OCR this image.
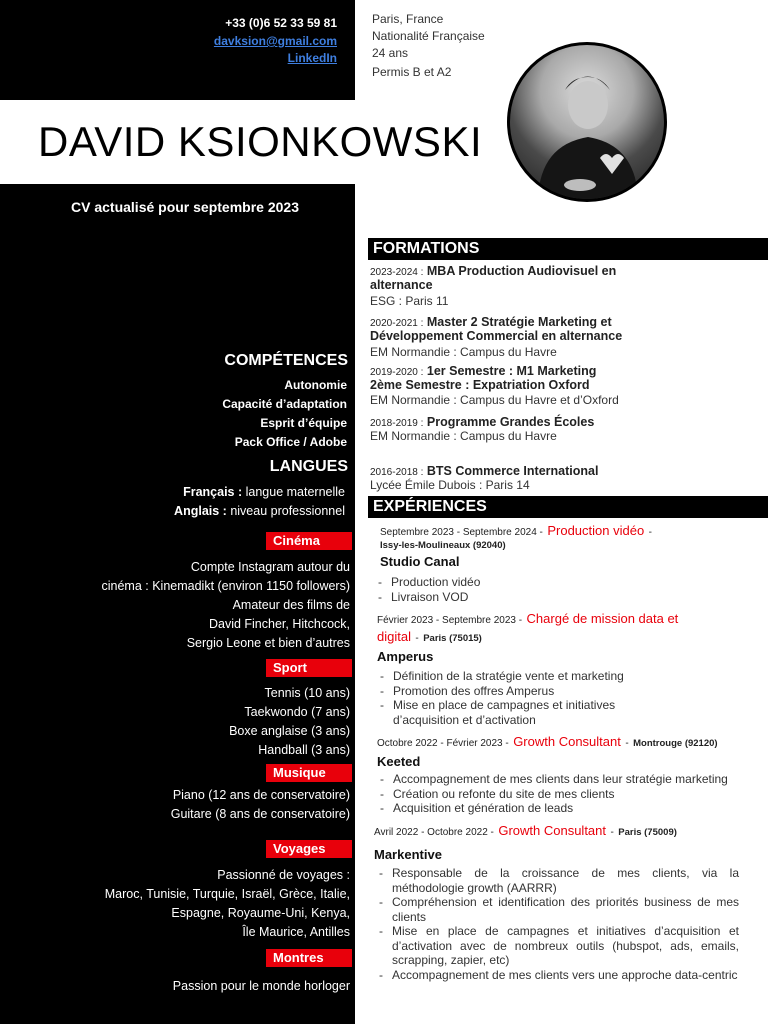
+33 (0)6 52 33 59 81
davksion@gmail.com
LinkedIn
Paris, France
Nationalité Française
24 ans
Permis B et A2
DAVID KSIONKOWSKI
CV actualisé pour septembre 2023
COMPÉTENCES
Autonomie
Capacité d’adaptation
Esprit d’équipe
Pack Office / Adobe
LANGUES
Français : langue maternelle
Anglais : niveau professionnel
Cinéma
Compte Instagram autour du
cinéma : Kinemadikt (environ 1150 followers)
Amateur des films de
David Fincher, Hitchcock,
Sergio Leone et bien d’autres
Sport
Tennis (10 ans)
Taekwondo (7 ans)
Boxe anglaise (3 ans)
Handball (3 ans)
Musique
Piano (12 ans de conservatoire)
Guitare (8 ans de conservatoire)
Voyages
Passionné de voyages :
Maroc, Tunisie, Turquie, Israël, Grèce, Italie,
Espagne, Royaume-Uni, Kenya,
Île Maurice, Antilles
Montres
Passion pour le monde horloger
FORMATIONS
2023-2024 : MBA Production Audiovisuel en alternance
ESG : Paris 11
2020-2021 : Master 2 Stratégie Marketing et Développement Commercial en alternance
EM Normandie : Campus du Havre
2019-2020 : 1er Semestre : M1 Marketing
2ème Semestre : Expatriation Oxford
EM Normandie : Campus du Havre et d’Oxford
2018-2019 : Programme Grandes Écoles
EM Normandie : Campus du Havre
2016-2018 : BTS Commerce International
Lycée Émile Dubois : Paris 14
EXPÉRIENCES
Septembre 2023 - Septembre 2024 - Production vidéo -
Issy-les-Moulineaux (92040)
Studio Canal
- Production vidéo
- Livraison VOD
Février 2023 - Septembre 2023 - Chargé de mission data et digital - Paris (75015)
Amperus
- Définition de la stratégie vente et marketing
- Promotion des offres Amperus
- Mise en place de campagnes et initiatives d’acquisition et d’activation
Octobre 2022 - Février 2023 - Growth Consultant - Montrouge (92120)
Keeted
- Accompagnement de mes clients dans leur stratégie marketing
- Création ou refonte du site de mes clients
- Acquisition et génération de leads
Avril 2022 - Octobre 2022 - Growth Consultant - Paris (75009)
Markentive
- Responsable de la croissance de mes clients, via la méthodologie growth (AARRR)
- Compréhension et identification des priorités business de mes clients
- Mise en place de campagnes et initiatives d’acquisition et d’activation avec de nombreux outils (hubspot, ads, emails, scrapping, zapier, etc)
- Accompagnement de mes clients vers une approche data-centric
